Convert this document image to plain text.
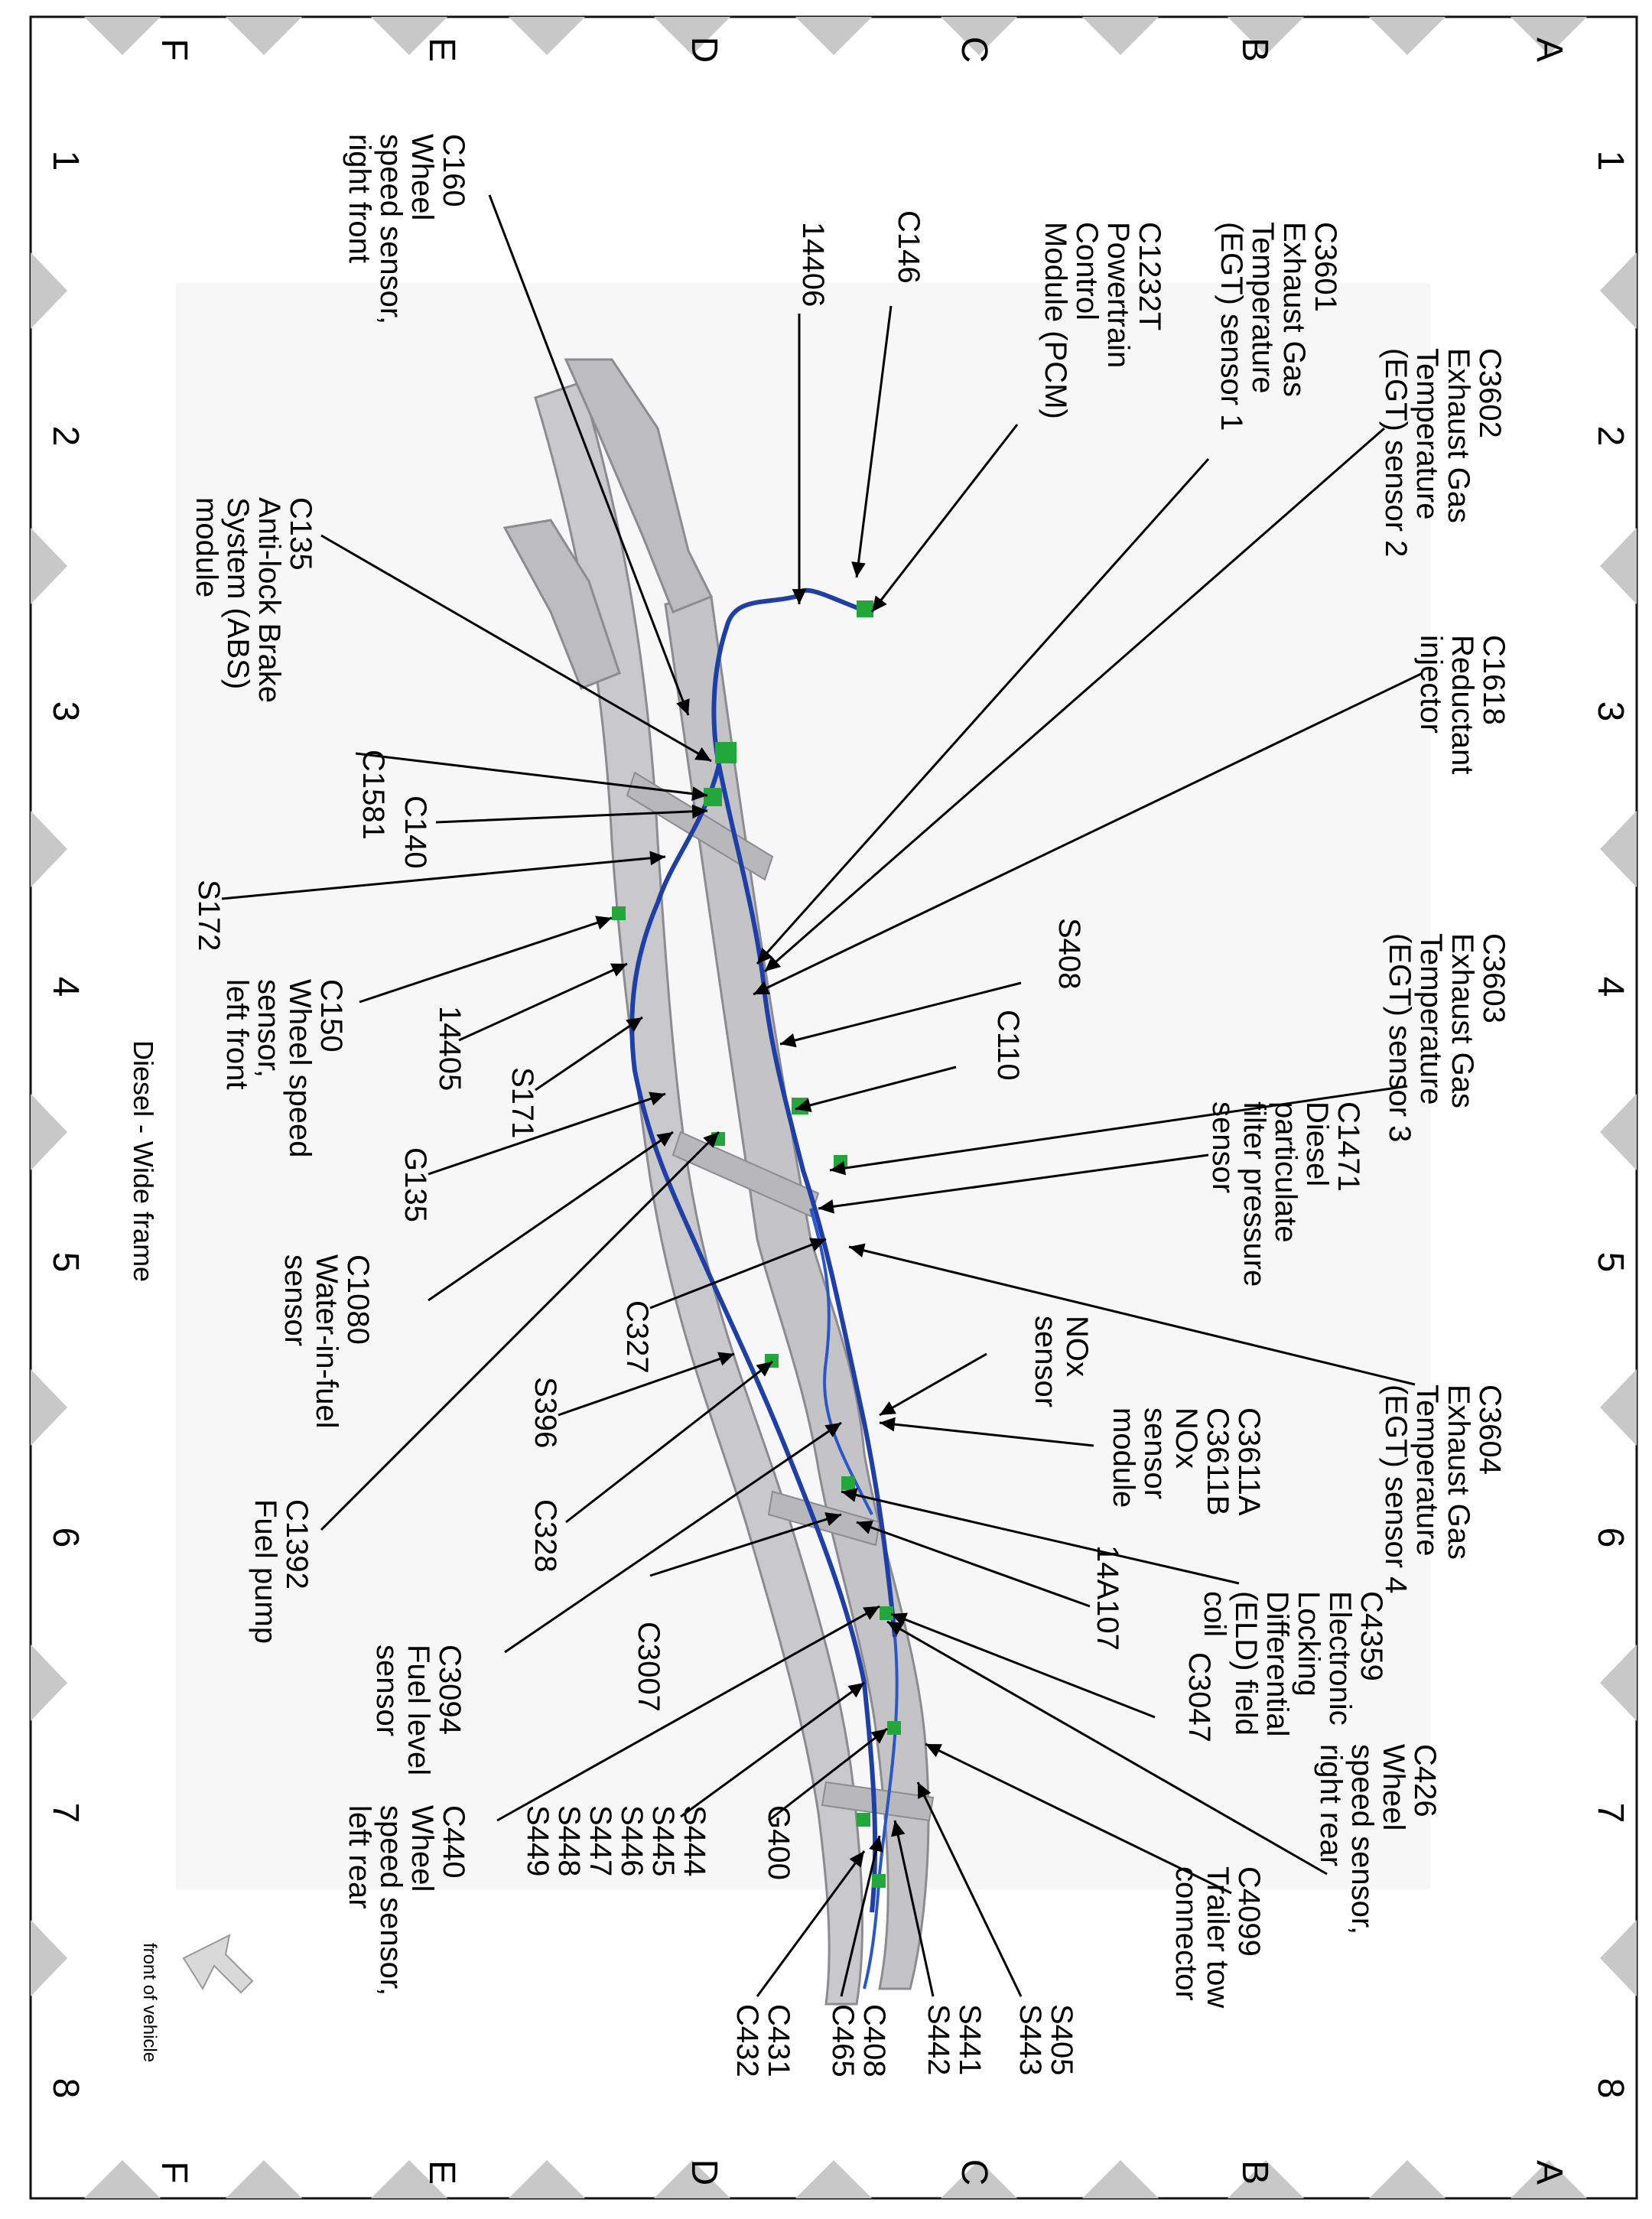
A
A
B
B
C
C
D
D
E
E
F
F
1
1
2
2
3
3
4
4
5
5
6
6
7
7
8
8
C3602Exhaust GasTemperature(EGT) sensor 2
C3601Exhaust GasTemperature(EGT) sensor 1
C1232TPowertrainControlModule (PCM)
C146
14406
C160Wheelspeed sensor,right front
C1618Reductantinjector
C135Anti-lock BrakeSystem (ABS)module
C1581 C140
S172
S408
C110
C3603Exhaust GasTemperature(EGT) sensor 3
C150Wheel speedsensor,left front	14405
S171	C1471Dieselparticulatefilter pressuresensor
G135
C1080Water-in-fuelsensor	C327
C3604Exhaust GasTemperature(EGT) sensor 4
NOxsensor
C3611AC3611BNOxsensormodule
S396
C328
C1392Fuel pump	14A107	C4359ElectronicLockingDifferential(ELD) fieldcoil
C3007	C3047
C3094Fuel levelsensor
C426Wheelspeed sensor,right rear
G400
S444S445S446S447S448S449
C440Wheelspeed sensor,left rear
C4099Trailer towconnector
S405S443
S441S442
C408C465
C431C432
front of vehicle
Diesel - Wide frame
